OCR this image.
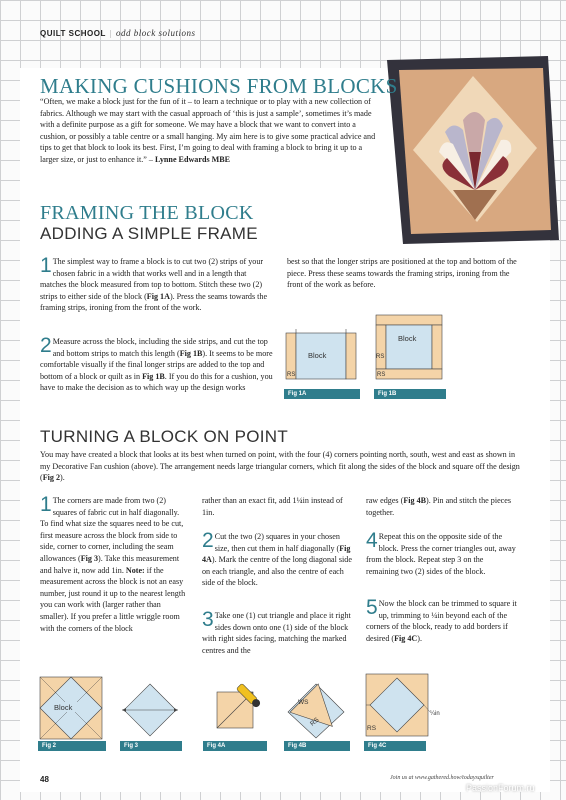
QUILT SCHOOL | odd block solutions
MAKING CUSHIONS FROM BLOCKS
“Often, we make a block just for the fun of it – to learn a technique or to play with a new collection of fabrics. Although we may start with the casual approach of ‘this is just a sample’, sometimes it’s made with a definite purpose as a gift for someone. We may have a block that we want to convert into a cushion, or possibly a table centre or a small hanging. My aim here is to give some practical advice and tips to get that block to look its best. First, I’m going to deal with framing a block to bring it up to a larger size, or just to enhance it.” – Lynne Edwards MBE
FRAMING THE BLOCK
ADDING A SIMPLE FRAME
1 The simplest way to frame a block is to cut two (2) strips of your chosen fabric in a width that works well and in a length that matches the block measured from top to bottom. Stitch these two (2) strips to either side of the block (Fig 1A). Press the seams towards the framing strips, ironing from the front of the work.
2 Measure across the block, including the side strips, and cut the top and bottom strips to match this length (Fig 1B). It seems to be more comfortable visually if the final longer strips are added to the top and bottom of a block or quilt as in Fig 1B. If you do this for a cushion, you have to make the decision as to which way up the design works
best so that the longer strips are positioned at the top and bottom of the piece. Press these seams towards the framing strips, ironing from the front of the work as before.
Block
RS
Fig 1A
Block
RS
RS
Fig 1B
TURNING A BLOCK ON POINT
You may have created a block that looks at its best when turned on point, with the four (4) corners pointing north, south, west and east as shown in my Decorative Fan cushion (above). The arrangement needs large triangular corners, which fit along the sides of the block and square off the design (Fig 2).
1 The corners are made from two (2) squares of fabric cut in half diagonally. To find what size the squares need to be cut, first measure across the block from side to side, corner to corner, including the seam allowances (Fig 3). Take this measurement and halve it, now add 1in. Note: if the measurement across the block is not an easy number, just round it up to the nearest length you can work with (larger rather than smaller). If you prefer a little wriggle room with the corners of the block
rather than an exact fit, add 1¼in instead of 1in.
2 Cut the two (2) squares in your chosen size, then cut them in half diagonally (Fig 4A). Mark the centre of the long diagonal side on each triangle, and also the centre of each side of the block.
3 Take one (1) cut triangle and place it right sides down onto one (1) side of the block with right sides facing, matching the marked centres and the
raw edges (Fig 4B). Pin and stitch the pieces together.
4 Repeat this on the opposite side of the block. Press the corner triangles out, away from the block. Repeat step 3 on the remaining two (2) sides of the block.
5 Now the block can be trimmed to square it up, trimming to ¼in beyond each of the corners of the block, ready to add borders if desired (Fig 4C).
Block
Fig 2	Fig 3	Fig 4A
WS
RS
Fig 4B
RS
¼in
Fig 4C
48	Join us at www.gathered.how/todaysquilter
PassionForum.ru
